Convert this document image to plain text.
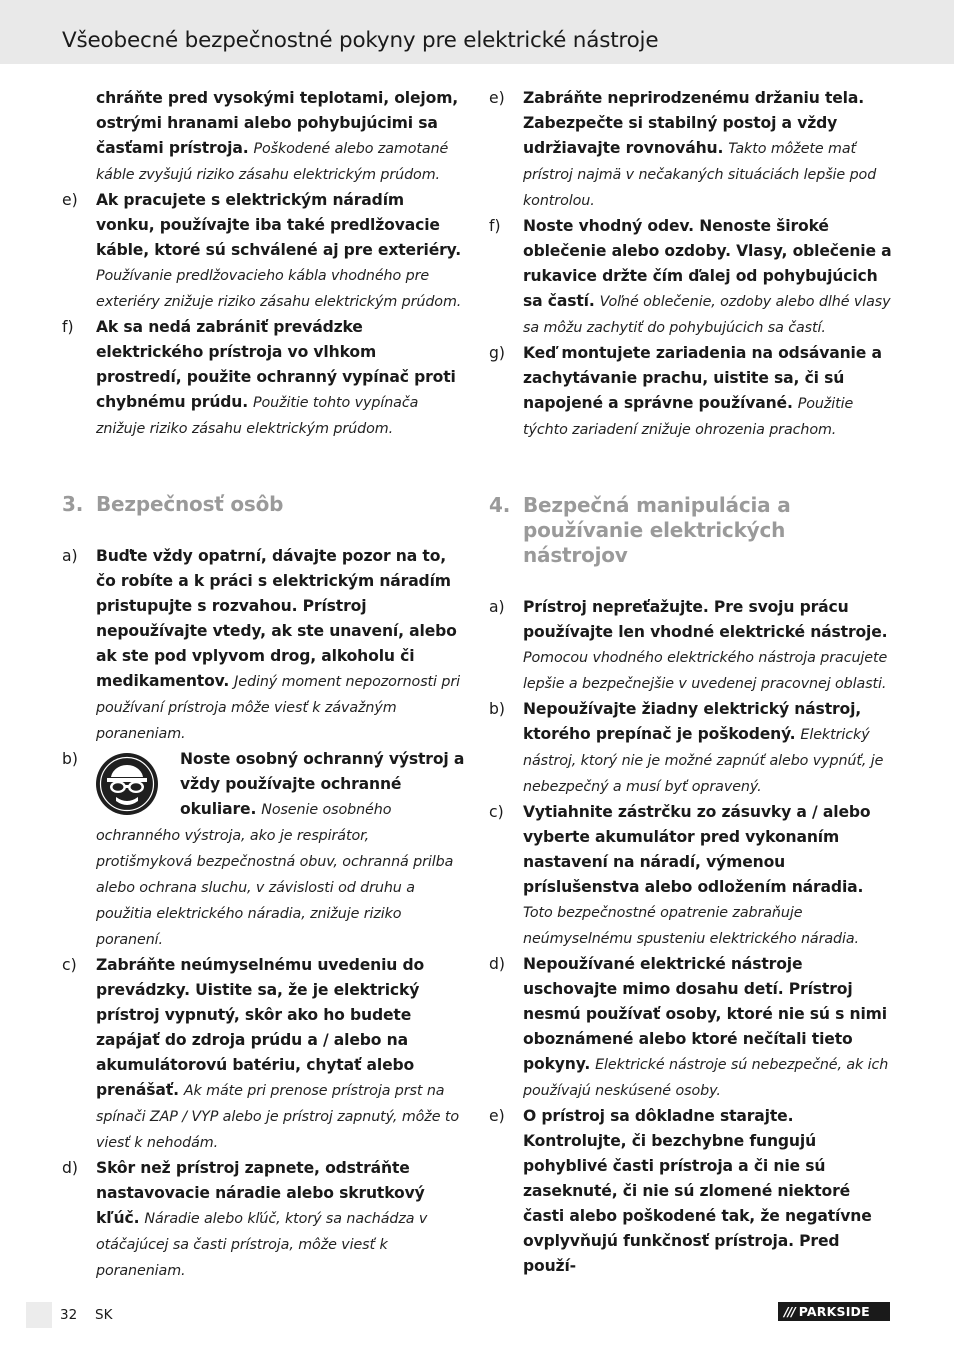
Všeobecné bezpečnostné pokyny pre elektrické nástroje
chráňte pred vysokými teplotami, olejom, ostrými hranami alebo pohybujúcimi sa časťami prístroja. Poškodené alebo zamotané káble zvyšujú riziko zásahu elektrickým prúdom.
e) Ak pracujete s elektrickým náradím vonku, používajte iba také predlžovacie káble, ktoré sú schválené aj pre exteriéry. Používanie predlžovacieho kábla vhodného pre exteriéry znižuje riziko zásahu elektrickým prúdom.
f) Ak sa nedá zabrániť prevádzke elektrického prístroja vo vlhkom prostredí, použite ochranný vypínač proti chybnému prúdu. Použitie tohto vypínača znižuje riziko zásahu elektrickým prúdom.
3. Bezpečnosť osôb
a) Buďte vždy opatrní, dávajte pozor na to, čo robíte a k práci s elektrickým náradím pristupujte s rozvahou. Prístroj nepoužívajte vtedy, ak ste unavení, alebo ak ste pod vplyvom drog, alkoholu či medikamentov. Jediný moment nepozornosti pri používaní prístroja môže viesť k závažným poraneniam.
b)	Noste osobný ochranný výstroj a vždy používajte ochranné okuliare. Nosenie osobného ochranného výstroja, ako je respirátor, protišmyková bezpečnostná obuv, ochranná prilba alebo ochrana sluchu, v závislosti od druhu a použitia elektrického náradia, znižuje riziko poranení.
c) Zabráňte neúmyselnému uvedeniu do prevádzky. Uistite sa, že je elektrický prístroj vypnutý, skôr ako ho budete zapájať do zdroja prúdu a / alebo na akumulátorovú batériu, chytať alebo prenášať. Ak máte pri prenose prístroja prst na spínači ZAP / VYP alebo je prístroj zapnutý, môže to viesť k nehodám.
d) Skôr než prístroj zapnete, odstráňte nastavovacie náradie alebo skrutkový kľúč. Náradie alebo kľúč, ktorý sa nachádza v otáčajúcej sa časti prístroja, môže viesť k poraneniam.
e) Zabráňte neprirodzenému držaniu tela. Zabezpečte si stabilný postoj a vždy udržiavajte rovnováhu. Takto môžete mať prístroj najmä v nečakaných situáciách lepšie pod kontrolou.
f) Noste vhodný odev. Nenoste široké oblečenie alebo ozdoby. Vlasy, oblečenie a rukavice držte čím ďalej od pohybujúcich sa častí. Voľné oblečenie, ozdoby alebo dlhé vlasy sa môžu zachytiť do pohybujúcich sa častí.
g) Keď montujete zariadenia na odsávanie a zachytávanie prachu, uistite sa, či sú napojené a správne používané. Použitie týchto zariadení znižuje ohrozenia prachom.
4. Bezpečná manipulácia a používanie elektrických nástrojov
a) Prístroj nepreťažujte. Pre svoju prácu používajte len vhodné elektrické nástroje. Pomocou vhodného elektrického nástroja pracujete lepšie a bezpečnejšie v uvedenej pracovnej oblasti.
b) Nepoužívajte žiadny elektrický nástroj, ktorého prepínač je poškodený. Elektrický nástroj, ktorý nie je možné zapnúť alebo vypnúť, je nebezpečný a musí byť opravený.
c) Vytiahnite zástrčku zo zásuvky a / alebo vyberte akumulátor pred vykonaním nastavení na náradí, výmenou príslušenstva alebo odložením náradia. Toto bezpečnostné opatrenie zabraňuje neúmyselnému spusteniu elektrického náradia.
d) Nepoužívané elektrické nástroje uschovajte mimo dosahu detí. Prístroj nesmú používať osoby, ktoré nie sú s nimi oboznámené alebo ktoré nečítali tieto pokyny. Elektrické nástroje sú nebezpečné, ak ich používajú neskúsené osoby.
e) O prístroj sa dôkladne starajte. Kontrolujte, či bezchybne fungujú pohyblivé časti prístroja a či nie sú zaseknuté, či nie sú zlomené niektoré časti alebo poškodené tak, že negatívne ovplyvňujú funkčnosť prístroja. Pred použí-
32 SK	/// PARKSIDE
